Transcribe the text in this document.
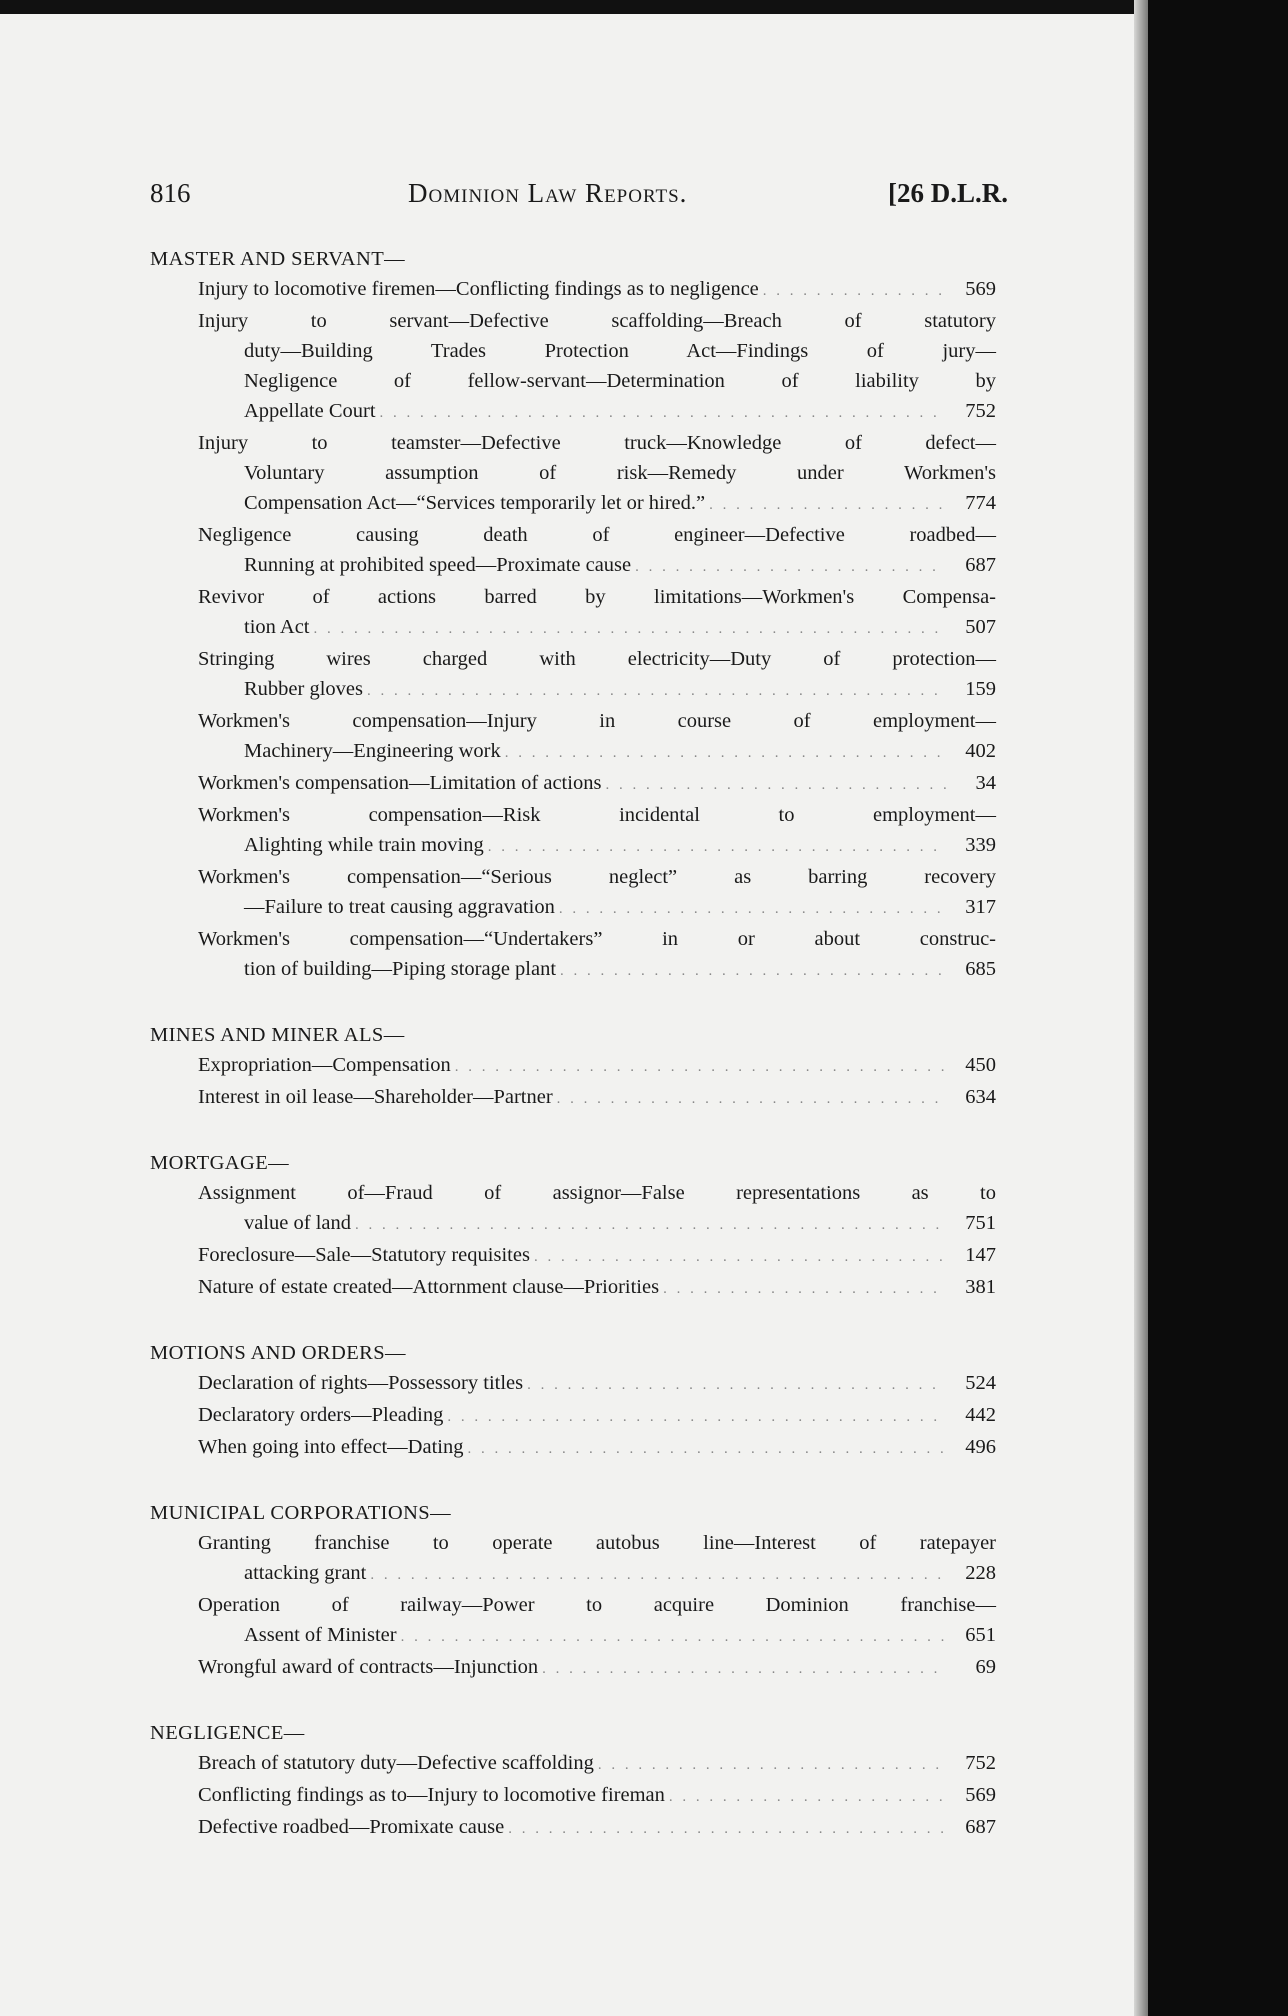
816	Dominion Law Reports.	[26 D.L.R.
MASTER AND SERVANT—
Injury to locomotive firemen—Conflicting findings as to negligence . . .	569
Injury to servant—Defective scaffolding—Breach of statutory
duty—Building Trades Protection Act—Findings of jury—
Negligence of fellow-servant—Determination of liability by
Appellate Court . . .	752
Injury to teamster—Defective truck—Knowledge of defect—
Voluntary assumption of risk—Remedy under Workmen's
Compensation Act—“Services temporarily let or hired.” . . .	774
Negligence causing death of engineer—Defective roadbed—
Running at prohibited speed—Proximate cause . . .	687
Revivor of actions barred by limitations—Workmen's Compensa-
tion Act . . .	507
Stringing wires charged with electricity—Duty of protection—
Rubber gloves . . .	159
Workmen's compensation—Injury in course of employment—
Machinery—Engineering work . . .	402
Workmen's compensation—Limitation of actions . . .	34
Workmen's compensation—Risk incidental to employment—
Alighting while train moving . . .	339
Workmen's compensation—“Serious neglect” as barring recovery
—Failure to treat causing aggravation . . .	317
Workmen's compensation—“Undertakers” in or about construc-
tion of building—Piping storage plant . . .	685
MINES AND MINER ALS—
Expropriation—Compensation . . .	450
Interest in oil lease—Shareholder—Partner . . .	634
MORTGAGE—
Assignment of—Fraud of assignor—False representations as to
value of land . . .	751
Foreclosure—Sale—Statutory requisites . . .	147
Nature of estate created—Attornment clause—Priorities . . .	381
MOTIONS AND ORDERS—
Declaration of rights—Possessory titles . . .	524
Declaratory orders—Pleading . . .	442
When going into effect—Dating . . .	496
MUNICIPAL CORPORATIONS—
Granting franchise to operate autobus line—Interest of ratepayer
attacking grant . . .	228
Operation of railway—Power to acquire Dominion franchise—
Assent of Minister . . .	651
Wrongful award of contracts—Injunction . . .	69
NEGLIGENCE—
Breach of statutory duty—Defective scaffolding . . .	752
Conflicting findings as to—Injury to locomotive fireman . . .	569
Defective roadbed—Promixate cause . . .	687
